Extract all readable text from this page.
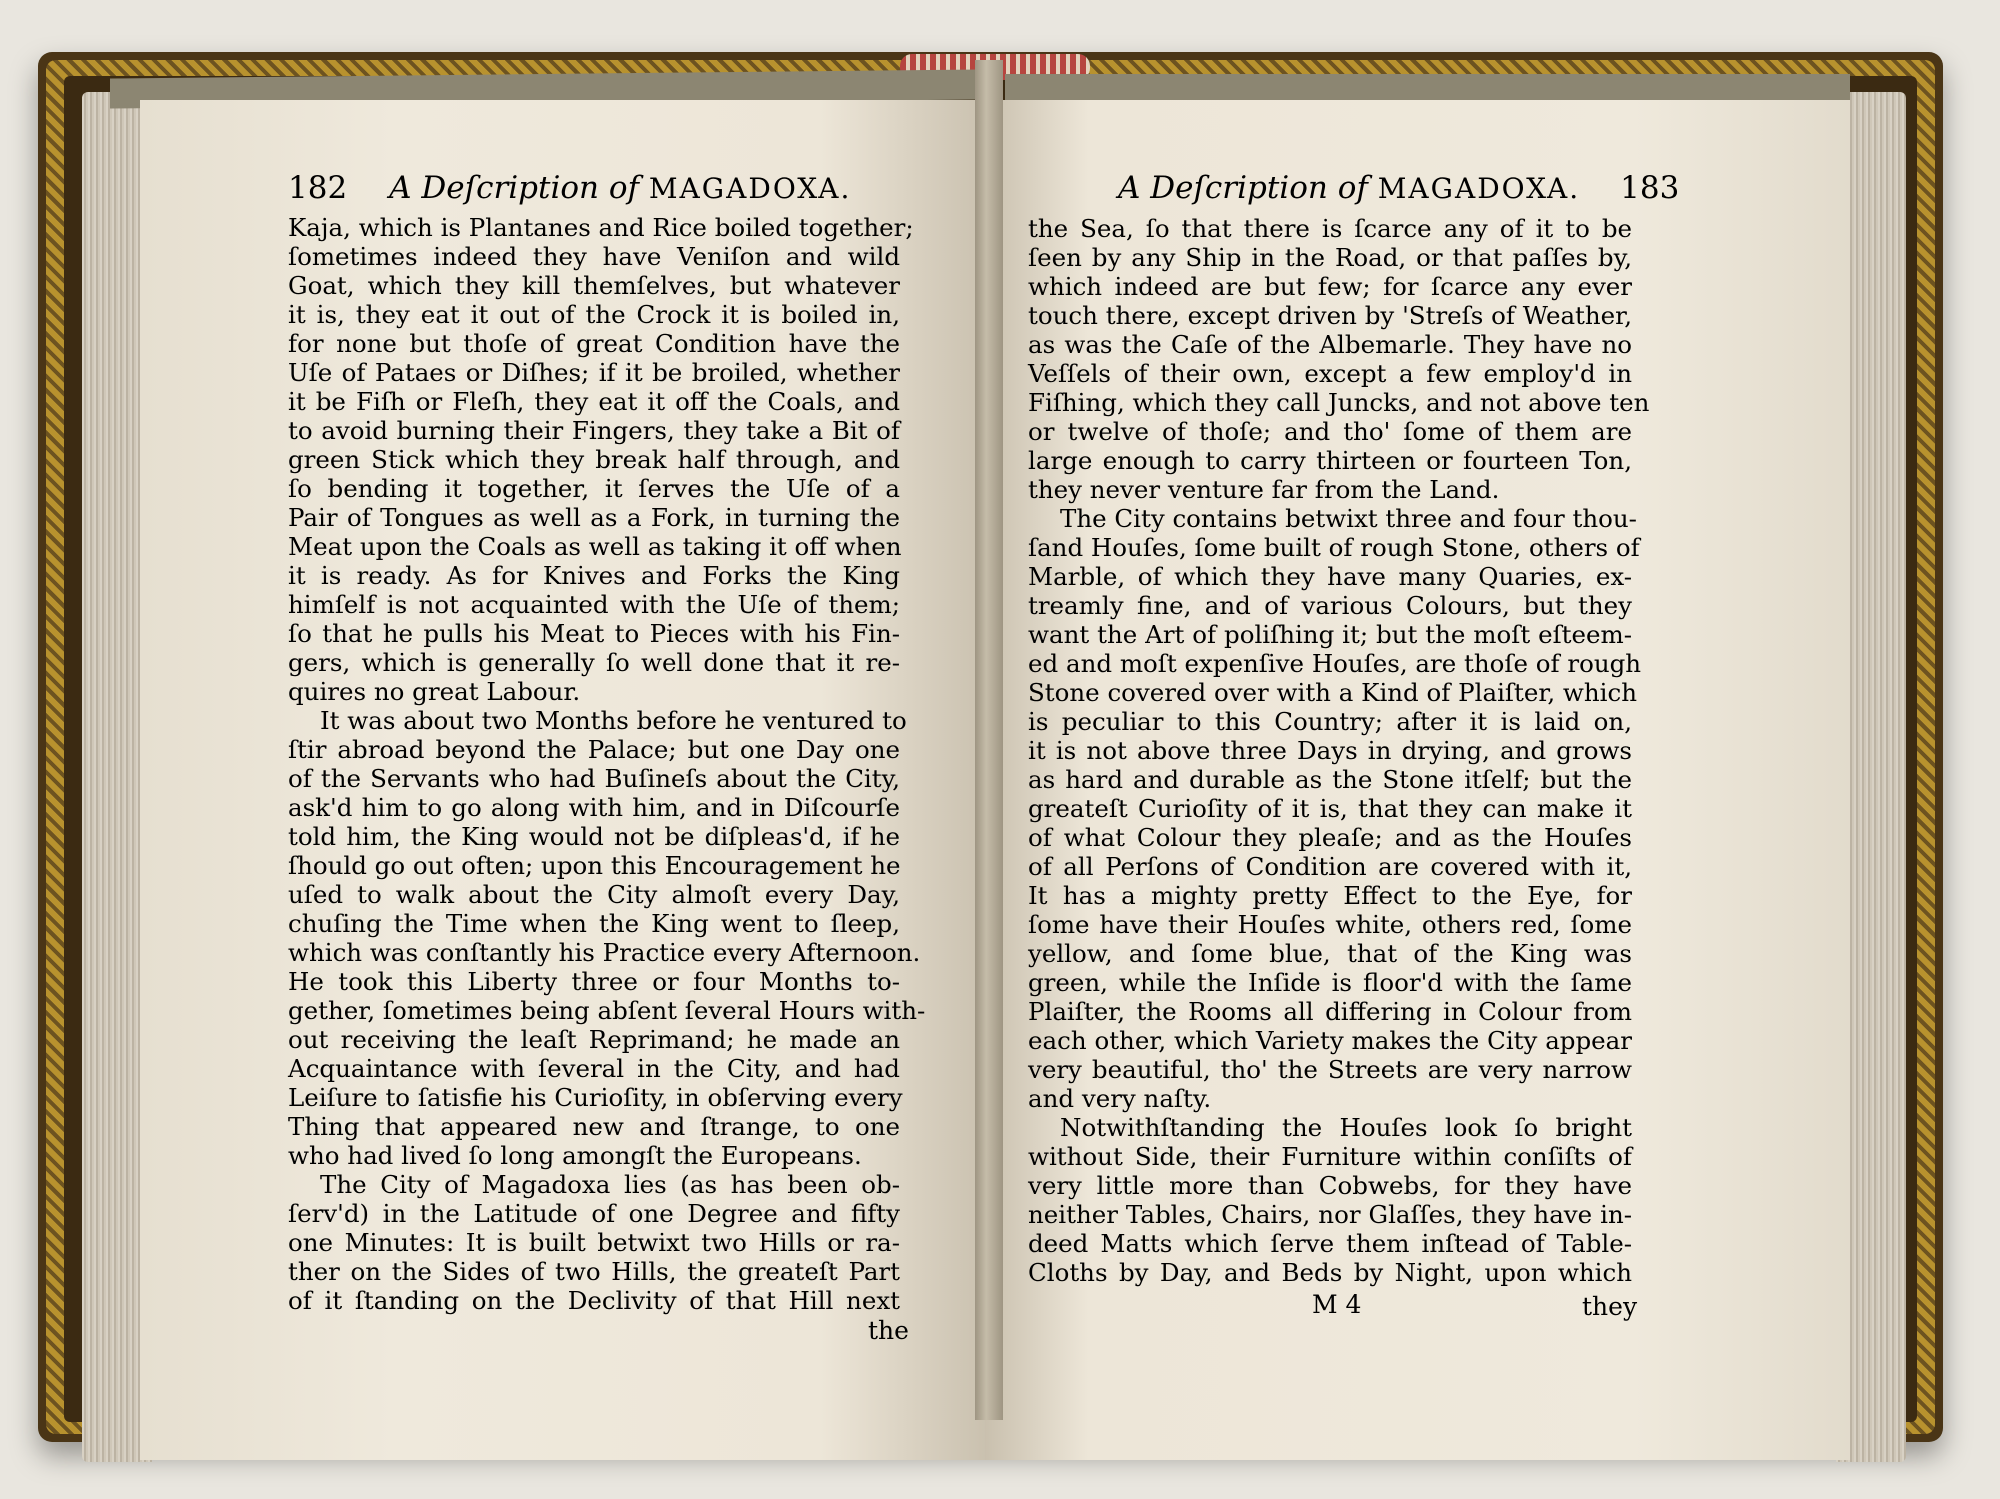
182 A Deſcription of MAGADOXA.	A Deſcription of MAGADOXA. 183
Kaja, which is Plantanes and Rice boiled together;
ſometimes indeed they have Veniſon and wild
Goat, which they kill themſelves, but whatever
it is, they eat it out of the Crock it is boiled in,
for none but thoſe of great Condition have the
Uſe of Pataes or Diſhes; if it be broiled, whether
it be Fiſh or Fleſh, they eat it off the Coals, and
to avoid burning their Fingers, they take a Bit of
green Stick which they break half through, and
ſo bending it together, it ſerves the Uſe of a
Pair of Tongues as well as a Fork, in turning the
Meat upon the Coals as well as taking it off when
it is ready. As for Knives and Forks the King
himſelf is not acquainted with the Uſe of them;
ſo that he pulls his Meat to Pieces with his Fin-
gers, which is generally ſo well done that it re-
quires no great Labour.
It was about two Months before he ventured to
ſtir abroad beyond the Palace; but one Day one
of the Servants who had Buſineſs about the City,
ask'd him to go along with him, and in Diſcourſe
told him, the King would not be diſpleas'd, if he
ſhould go out often; upon this Encouragement he
uſed to walk about the City almoſt every Day,
chuſing the Time when the King went to ſleep,
which was conſtantly his Practice every Afternoon.
He took this Liberty three or four Months to-
gether, ſometimes being abſent ſeveral Hours with-
out receiving the leaſt Reprimand; he made an
Acquaintance with ſeveral in the City, and had
Leiſure to ſatisfie his Curioſity, in obſerving every
Thing that appeared new and ſtrange, to one
who had lived ſo long amongſt the Europeans.
The City of Magadoxa lies (as has been ob-
ſerv'd) in the Latitude of one Degree and fifty
one Minutes: It is built betwixt two Hills or ra-
ther on the Sides of two Hills, the greateſt Part
of it ſtanding on the Declivity of that Hill next
the Sea, ſo that there is ſcarce any of it to be
ſeen by any Ship in the Road, or that paſſes by,
which indeed are but few; for ſcarce any ever
touch there, except driven by 'Streſs of Weather,
as was the Caſe of the Albemarle. They have no
Veſſels of their own, except a few employ'd in
Fiſhing, which they call Juncks, and not above ten
or twelve of thoſe; and tho' ſome of them are
large enough to carry thirteen or fourteen Ton,
they never venture far from the Land.
The City contains betwixt three and four thou-
ſand Houſes, ſome built of rough Stone, others of
Marble, of which they have many Quaries, ex-
treamly fine, and of various Colours, but they
want the Art of poliſhing it; but the moſt eſteem-
ed and moſt expenſive Houſes, are thoſe of rough
Stone covered over with a Kind of Plaiſter, which
is peculiar to this Country; after it is laid on,
it is not above three Days in drying, and grows
as hard and durable as the Stone itſelf; but the
greateſt Curioſity of it is, that they can make it
of what Colour they pleaſe; and as the Houſes
of all Perſons of Condition are covered with it,
It has a mighty pretty Effect to the Eye, for
ſome have their Houſes white, others red, ſome
yellow, and ſome blue, that of the King was
green, while the Inſide is floor'd with the ſame
Plaiſter, the Rooms all differing in Colour from
each other, which Variety makes the City appear
very beautiful, tho' the Streets are very narrow
and very naſty.
Notwithſtanding the Houſes look ſo bright
without Side, their Furniture within conſiſts of
very little more than Cobwebs, for they have
neither Tables, Chairs, nor Glaſſes, they have in-
deed Matts which ſerve them inſtead of Table-
Cloths by Day, and Beds by Night, upon which
the
M 4	they
